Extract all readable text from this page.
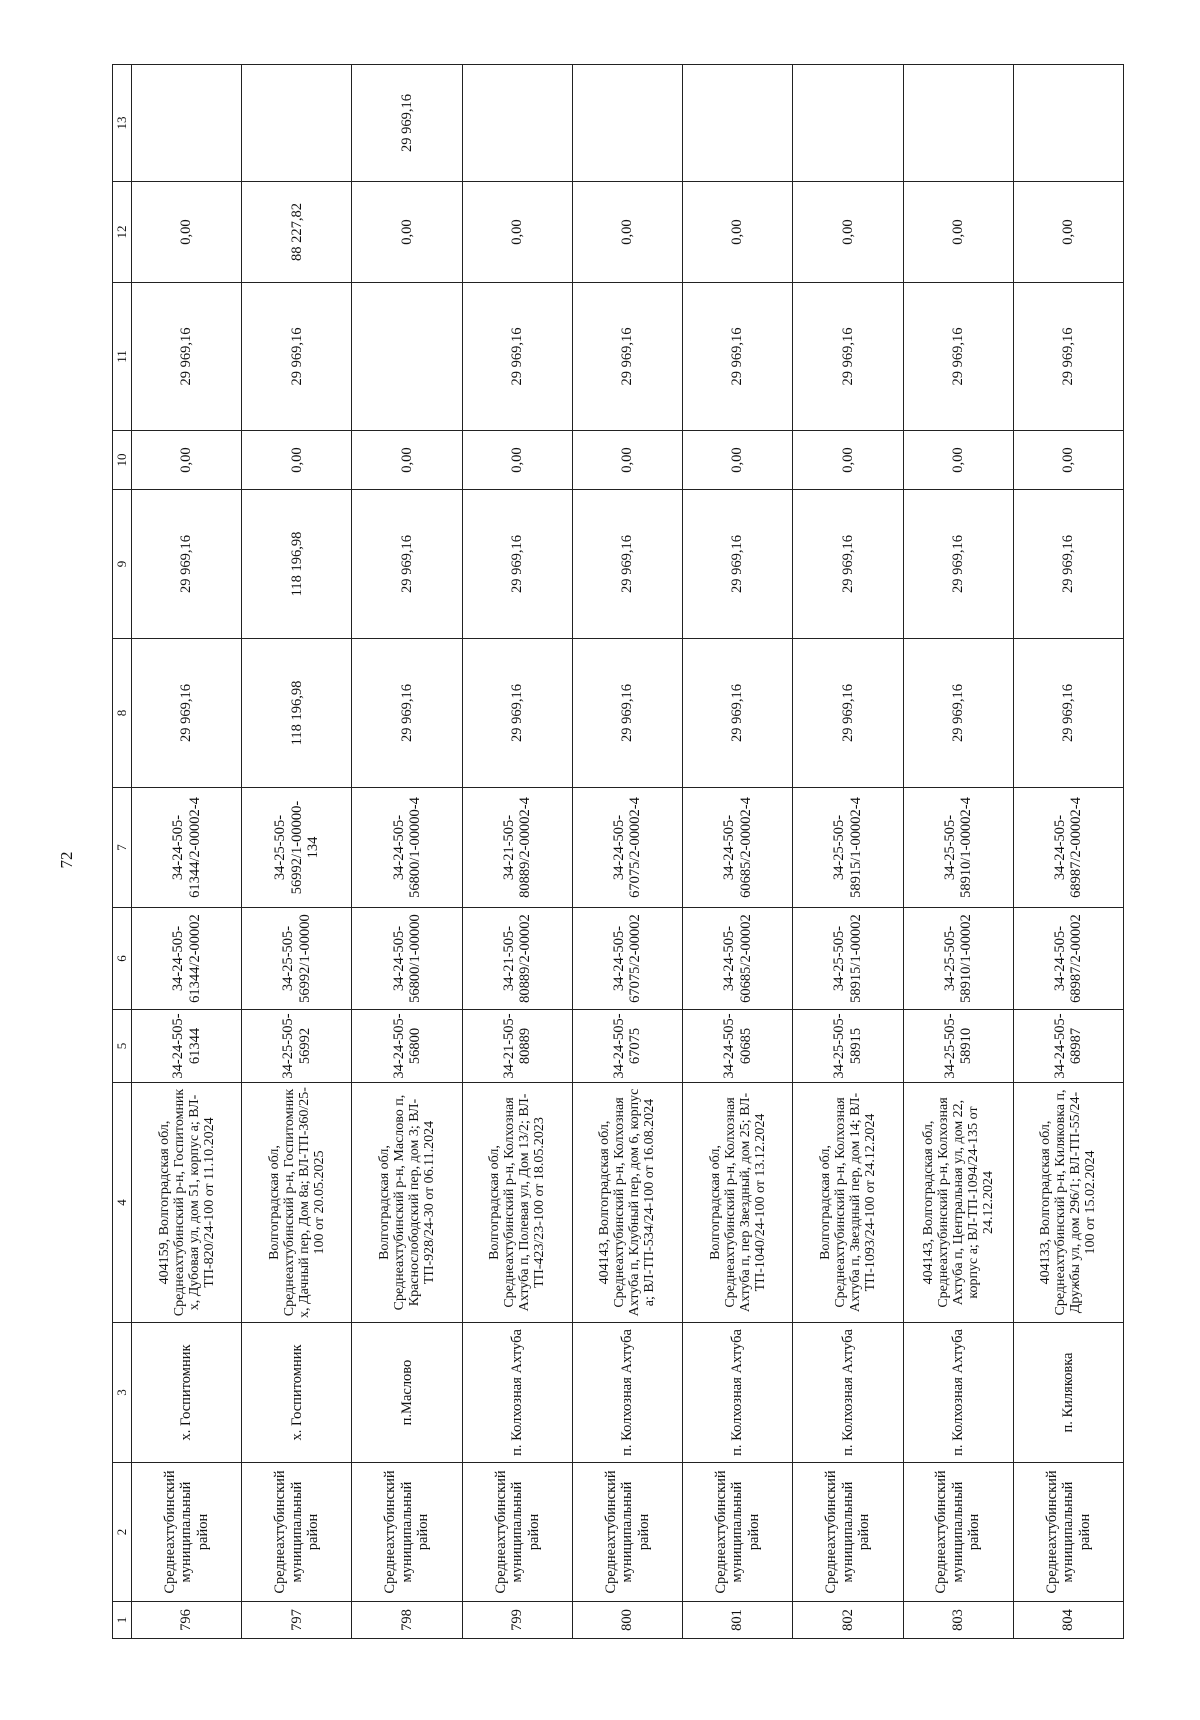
72
1	2	3	4	5	6	7	8	9	10	11	12	13
796	Среднеахтубинский муниципальный район	х. Госпитомник	404159, Волгоградская обл, Среднеахтубинский р-н, Госпитомник х, Дубовая ул, дом 51, корпус а; ВЛ-ТП-820/24-100 от 11.10.2024	34-24-505-61344	34-24-505-61344/2-00002	34-24-505-61344/2-00002-4	29 969,16	29 969,16	0,00	29 969,16	0,00	
797	Среднеахтубинский муниципальный район	х. Госпитомник	Волгоградская обл, Среднеахтубинский р-н, Госпитомник х, Дачный пер, Дом 8а; ВЛ-ТП-360/25-100 от 20.05.2025	34-25-505-56992	34-25-505-56992/1-00000	34-25-505-56992/1-00000-134	118 196,98	118 196,98	0,00	29 969,16	88 227,82	
798	Среднеахтубинский муниципальный район	п.Маслово	Волгоградская обл, Среднеахтубинский р-н, Маслово п, Краснослободский пер, дом 3; ВЛ-ТП-928/24-30 от 06.11.2024	34-24-505-56800	34-24-505-56800/1-00000	34-24-505-56800/1-00000-4	29 969,16	29 969,16	0,00		0,00	29 969,16
799	Среднеахтубинский муниципальный район	п. Колхозная Ахтуба	Волгоградская обл, Среднеахтубинский р-н, Колхозная Ахтуба п, Полевая ул, Дом 13/2; ВЛ-ТП-423/23-100 от 18.05.2023	34-21-505-80889	34-21-505-80889/2-00002	34-21-505-80889/2-00002-4	29 969,16	29 969,16	0,00	29 969,16	0,00	
800	Среднеахтубинский муниципальный район	п. Колхозная Ахтуба	404143, Волгоградская обл, Среднеахтубинский р-н, Колхозная Ахтуба п, Клубный пер, дом 6, корпус а; ВЛ-ТП-534/24-100 от 16.08.2024	34-24-505-67075	34-24-505-67075/2-00002	34-24-505-67075/2-00002-4	29 969,16	29 969,16	0,00	29 969,16	0,00	
801	Среднеахтубинский муниципальный район	п. Колхозная Ахтуба	Волгоградская обл, Среднеахтубинский р-н, Колхозная Ахтуба п, пер Звездный, дом 25; ВЛ-ТП-1040/24-100 от 13.12.2024	34-24-505-60685	34-24-505-60685/2-00002	34-24-505-60685/2-00002-4	29 969,16	29 969,16	0,00	29 969,16	0,00	
802	Среднеахтубинский муниципальный район	п. Колхозная Ахтуба	Волгоградская обл, Среднеахтубинский р-н, Колхозная Ахтуба п, Звездный пер, дом 14; ВЛ-ТП-1093/24-100 от 24.12.2024	34-25-505-58915	34-25-505-58915/1-00002	34-25-505-58915/1-00002-4	29 969,16	29 969,16	0,00	29 969,16	0,00	
803	Среднеахтубинский муниципальный район	п. Колхозная Ахтуба	404143, Волгоградская обл, Среднеахтубинский р-н, Колхозная Ахтуба п, Центральная ул, дом 22, корпус а; ВЛ-ТП-1094/24-135 от 24.12.2024	34-25-505-58910	34-25-505-58910/1-00002	34-25-505-58910/1-00002-4	29 969,16	29 969,16	0,00	29 969,16	0,00	
804	Среднеахтубинский муниципальный район	п. Киляковка	404133, Волгоградская обл, Среднеахтубинский р-н, Киляковка п, Дружбы ул, дом 296/1; ВЛ-ТП-55/24-100 от 15.02.2024	34-24-505-68987	34-24-505-68987/2-00002	34-24-505-68987/2-00002-4	29 969,16	29 969,16	0,00	29 969,16	0,00	
